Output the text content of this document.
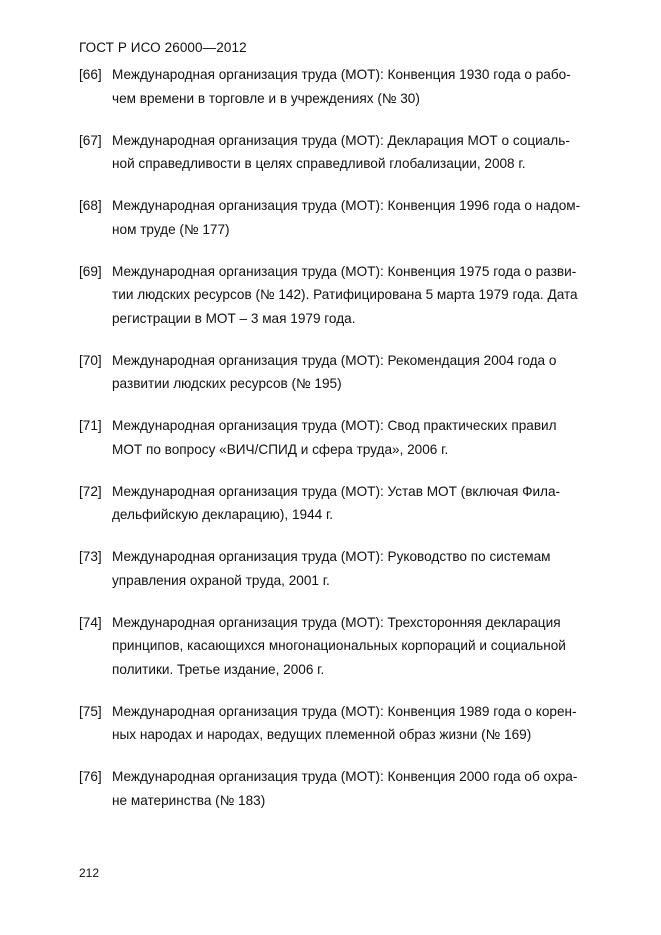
ГОСТ Р ИСО 26000—2012
[66] Международная организация труда (МОТ): Конвенция 1930 года о рабо-
чем времени в торговле и в учреждениях (№ 30)
[67] Международная организация труда (МОТ): Декларация МОТ о социаль-
ной справедливости в целях справедливой глобализации, 2008 г.
[68] Международная организация труда (МОТ): Конвенция 1996 года о надом-
ном труде (№ 177)
[69] Международная организация труда (МОТ): Конвенция 1975 года о разви-
тии людских ресурсов (№ 142). Ратифицирована 5 марта 1979 года. Дата
регистрации в МОТ – 3 мая 1979 года.
[70] Международная организация труда (МОТ): Рекомендация 2004 года о
развитии людских ресурсов (№ 195)
[71] Международная организация труда (МОТ): Свод практических правил
МОТ по вопросу «ВИЧ/СПИД и сфера труда», 2006 г.
[72] Международная организация труда (МОТ): Устав МОТ (включая Фила-
дельфийскую декларацию), 1944 г.
[73] Международная организация труда (МОТ): Руководство по системам
управления охраной труда, 2001 г.
[74] Международная организация труда (МОТ): Трехсторонняя декларация
принципов, касающихся многонациональных корпораций и социальной
политики. Третье издание, 2006 г.
[75] Международная организация труда (МОТ): Конвенция 1989 года о корен-
ных народах и народах, ведущих племенной образ жизни (№ 169)
[76] Международная организация труда (МОТ): Конвенция 2000 года об охра-
не материнства (№ 183)
212
